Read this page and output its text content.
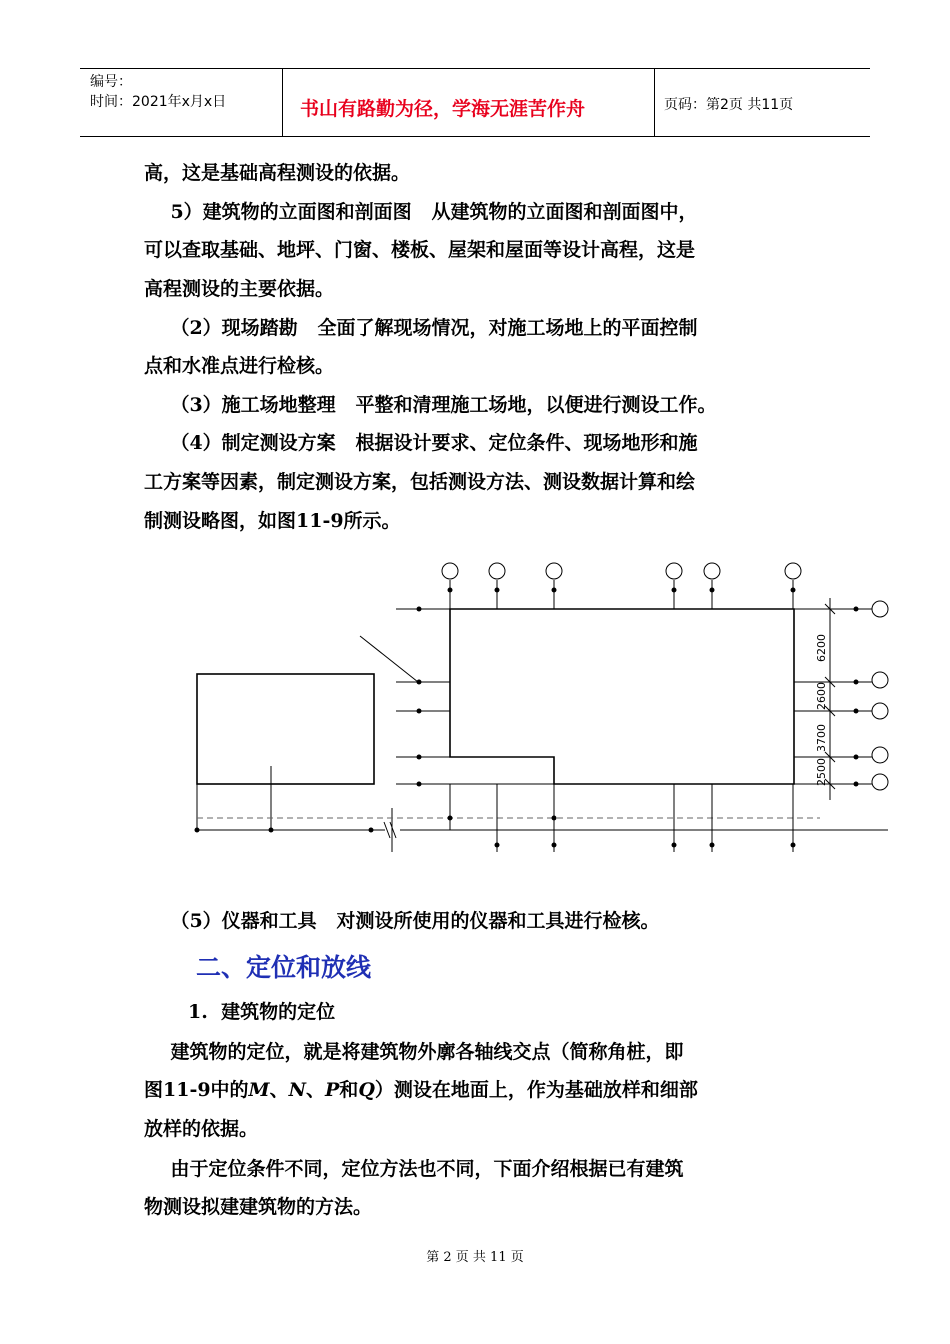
编号：
时间：2021年x月x日	书山有路勤为径，学海无涯苦作舟	页码：第2页 共11页
高，这是基础高程测设的依据。
5）建筑物的立面图和剖面图   从建筑物的立面图和剖面图中，
可以查取基础、地坪、门窗、楼板、屋架和屋面等设计高程，这是
高程测设的主要依据。
（2）现场踏勘   全面了解现场情况，对施工场地上的平面控制
点和水准点进行检核。
（3）施工场地整理   平整和清理施工场地，以便进行测设工作。
（4）制定测设方案   根据设计要求、定位条件、现场地形和施
工方案等因素，制定测设方案，包括测设方法、测设数据计算和绘
制测设略图，如图11-9所示。
6200
2600
3700
2500
（5）仪器和工具   对测设所使用的仪器和工具进行检核。
二、定位和放线
1.  建筑物的定位
建筑物的定位，就是将建筑物外廓各轴线交点（简称角桩，即
图11-9中的M、N、P和Q）测设在地面上，作为基础放样和细部
放样的依据。
由于定位条件不同，定位方法也不同，下面介绍根据已有建筑
物测设拟建建筑物的方法。
第 2 页 共 11 页
